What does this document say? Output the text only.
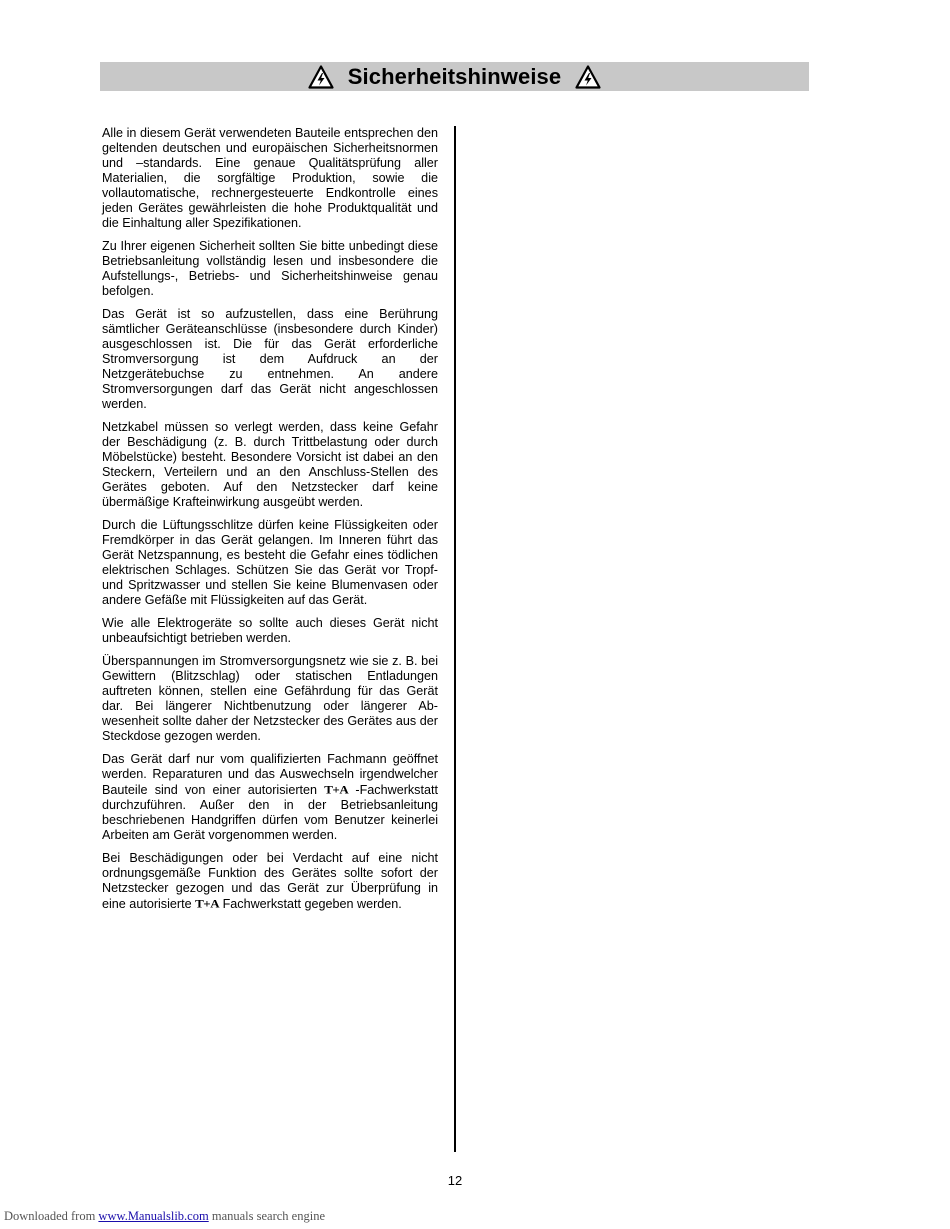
Sicherheitshinweise

Alle in diesem Gerät verwendeten Bauteile entsprechen den geltenden deutschen und europäischen Sicherheitsnormen und –standards. Eine genaue Qualitätsprüfung aller Materialien, die sorgfältige Produktion, sowie die vollautomatische, rechnergesteuerte Endkontrolle eines jeden Gerätes gewährleisten die hohe Produktqualität und die Einhaltung aller Spezifikationen.

Zu Ihrer eigenen Sicherheit sollten Sie bitte unbedingt diese Betriebsanleitung vollständig lesen und insbesondere die Aufstellungs-, Betriebs- und Sicherheitshinweise genau befolgen.

Das Gerät ist so aufzustellen, dass eine Berührung sämtlicher Geräteanschlüsse (insbesondere durch Kinder) ausgeschlossen ist. Die für das Gerät erforderliche Stromversorgung ist dem Aufdruck an der Netzgerätebuchse zu entnehmen. An andere Stromversorgungen darf das Gerät nicht angeschlossen werden.

Netzkabel müssen so verlegt werden, dass keine Gefahr der Beschädigung (z. B. durch Trittbelastung oder durch Möbelstücke) besteht. Besondere Vorsicht ist dabei an den Steckern, Verteilern und an den Anschluss-Stellen des Gerätes geboten. Auf den Netzstecker darf keine übermäßige Krafteinwirkung ausgeübt werden.

Durch die Lüftungsschlitze dürfen keine Flüssigkeiten oder Fremdkörper in das Gerät gelangen. Im Inneren führt das Gerät Netzspannung, es besteht die Gefahr eines tödlichen elektrischen Schlages. Schützen Sie das Gerät vor Tropf- und Spritzwasser und stellen Sie keine Blumenvasen oder andere Gefäße mit Flüssigkeiten auf das Gerät.

Wie alle Elektrogeräte so sollte auch dieses Gerät nicht unbeaufsichtigt betrieben werden.

Überspannungen im Stromversorgungsnetz wie sie z. B. bei Gewittern (Blitzschlag) oder statischen Entladungen auftreten können, stellen eine Gefährdung für das Gerät dar. Bei längerer Nichtbenutzung oder längerer Abwesenheit sollte daher der Netzstecker des Gerätes aus der Steckdose gezogen werden.

Das Gerät darf nur vom qualifizierten Fachmann geöffnet werden. Reparaturen und das Auswechseln irgendwelcher Bauteile sind von einer autorisierten T+A -Fachwerkstatt durchzuführen. Außer den in der Betriebsanleitung beschriebenen Handgriffen dürfen vom Benutzer keinerlei Arbeiten am Gerät vorgenommen werden.

Bei Beschädigungen oder bei Verdacht auf eine nicht ordnungsgemäße Funktion des Gerätes sollte sofort der Netzstecker gezogen und das Gerät zur Überprüfung in eine autorisierte T+A Fachwerkstatt gegeben werden.

12
Downloaded from www.Manualslib.com manuals search engine
